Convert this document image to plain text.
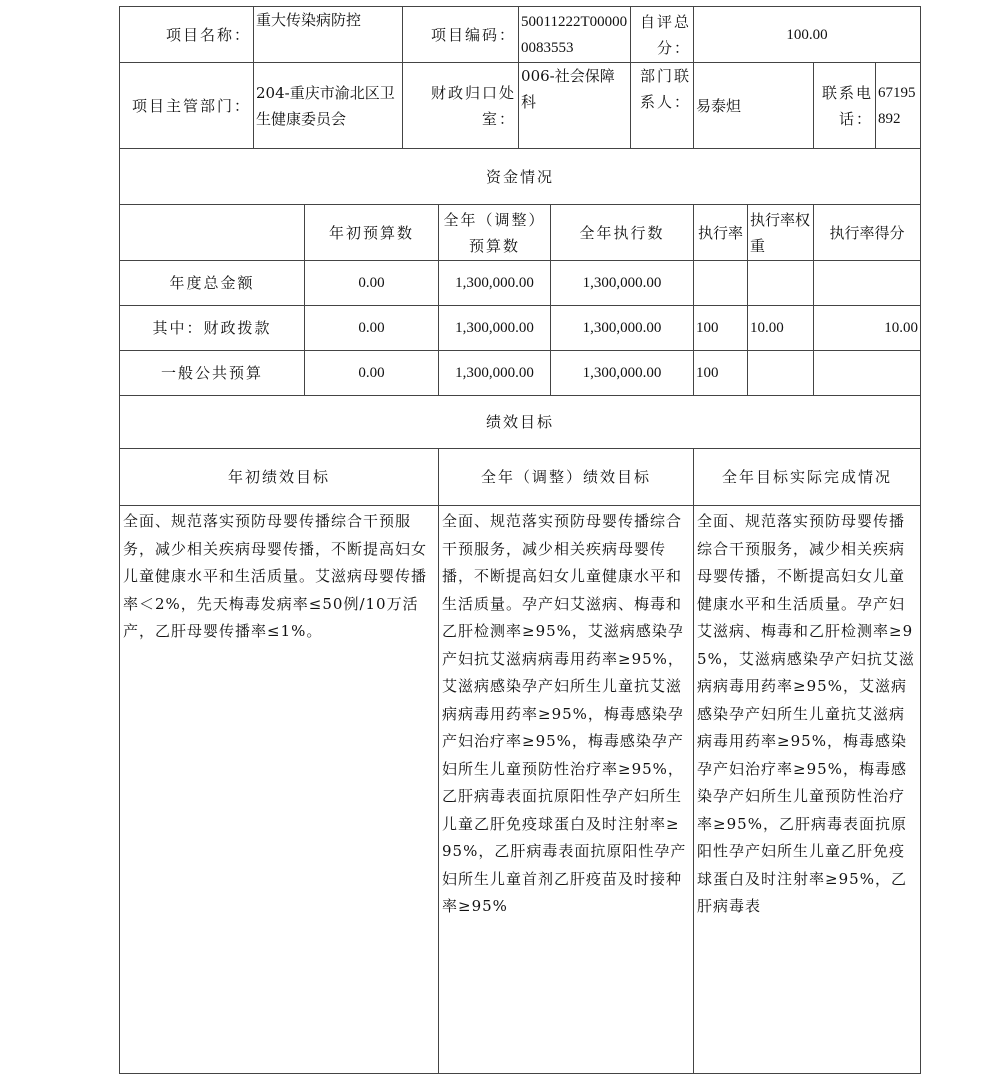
项目名称：	重大传染病防控		项目编码：		50011222T000000083553		自评总分：	100.00			
项目主管部门：	204-重庆市渝北区卫生健康委员会		财政归口处室：		006-社会保障科		部门联系人：	易泰炟		联系电话：	67195892
资金情况											
		年初预算数		全年（调整）预算数		全年执行数		执行率	执行率权重	执行率得分	
年度总金额		0.00		1,300,000.00		1,300,000.00					
其中：财政拨款		0.00		1,300,000.00		1,300,000.00		100	10.00	10.00	
一般公共预算		0.00		1,300,000.00		1,300,000.00		100			
绩效目标											
年初绩效目标				全年（调整）绩效目标				全年目标实际完成情况			
全面、规范落实预防母婴传播综合干预服务，减少相关疾病母婴传播，不断提高妇女儿童健康水平和生活质量。艾滋病母婴传播率＜2%，先天梅毒发病率≤50例/10万活产，乙肝母婴传播率≤1%。				全面、规范落实预防母婴传播综合干预服务，减少相关疾病母婴传播，不断提高妇女儿童健康水平和生活质量。孕产妇艾滋病、梅毒和乙肝检测率≥95%，艾滋病感染孕产妇抗艾滋病病毒用药率≥95%，艾滋病感染孕产妇所生儿童抗艾滋病病毒用药率≥95%，梅毒感染孕产妇治疗率≥95%，梅毒感染孕产妇所生儿童预防性治疗率≥95%，乙肝病毒表面抗原阳性孕产妇所生儿童乙肝免疫球蛋白及时注射率≥95%，乙肝病毒表面抗原阳性孕产妇所生儿童首剂乙肝疫苗及时接种率≥95%				全面、规范落实预防母婴传播综合干预服务，减少相关疾病母婴传播，不断提高妇女儿童健康水平和生活质量。孕产妇艾滋病、梅毒和乙肝检测率≥95%，艾滋病感染孕产妇抗艾滋病病毒用药率≥95%，艾滋病感染孕产妇所生儿童抗艾滋病病毒用药率≥95%，梅毒感染孕产妇治疗率≥95%，梅毒感染孕产妇所生儿童预防性治疗率≥95%，乙肝病毒表面抗原阳性孕产妇所生儿童乙肝免疫球蛋白及时注射率≥95%，乙肝病毒表			
